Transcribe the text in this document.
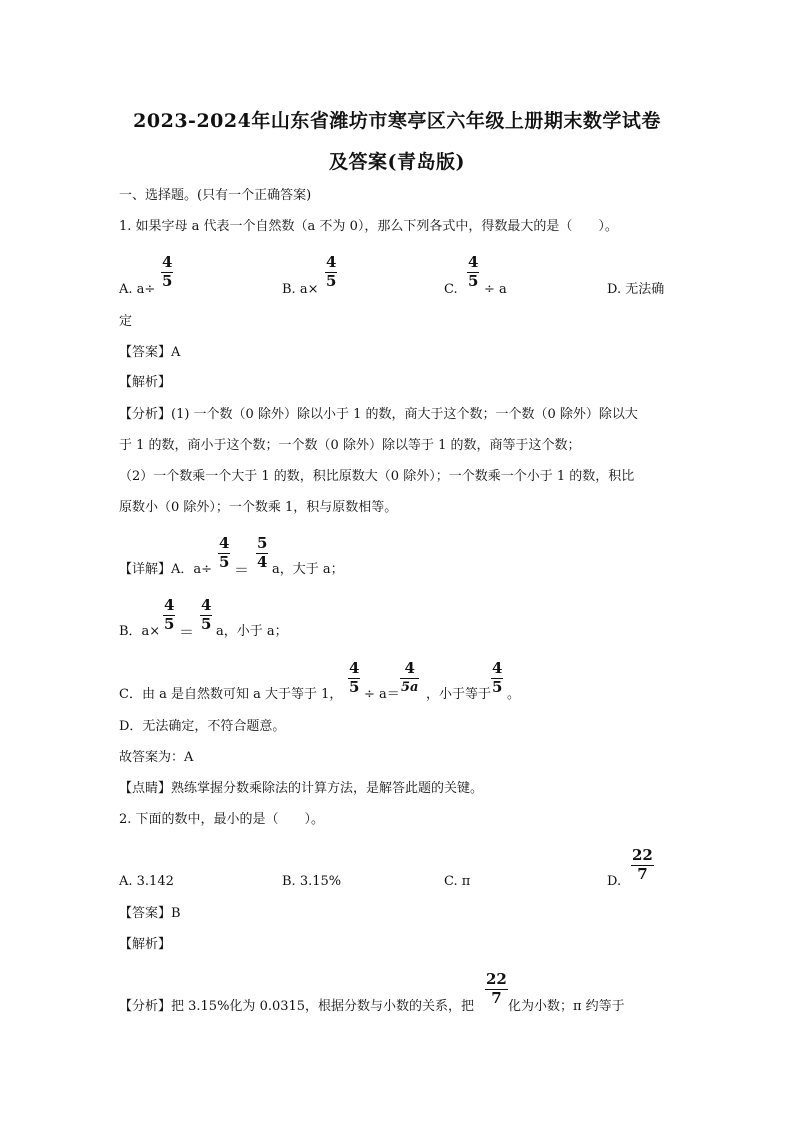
2023-2024年山东省潍坊市寒亭区六年级上册期末数学试卷
及答案(青岛版)
一、选择题。(只有一个正确答案)
1. 如果字母 a 代表一个自然数（a 不为 0），那么下列各式中，得数最大的是（　　）。
A. a÷
4
5	B. a×
4
5	C.
4
5 ÷ a	D. 无法确
定
【答案】A
【解析】
【分析】(1) 一个数（0 除外）除以小于 1 的数，商大于这个数；一个数（0 除外）除以大
于 1 的数，商小于这个数；一个数（0 除外）除以等于 1 的数，商等于这个数；
（2）一个数乘一个大于 1 的数，积比原数大（0 除外）；一个数乘一个小于 1 的数，积比
原数小（0 除外）；一个数乘 1，积与原数相等。
【详解】A．a÷
4
5 ＝
5
4 a，大于 a；
B．a×
4
5 ＝
4
5 a，小于 a；
C．由 a 是自然数可知 a 大于等于 1，
4
5 ÷ a＝
4
5a ，小于等于
4
5 。
D．无法确定，不符合题意。
故答案为：A
【点睛】熟练掌握分数乘除法的计算方法，是解答此题的关键。
2. 下面的数中，最小的是（　　）。
A. 3.142	B. 3.15%	C. π	D.
22
7
【答案】B
【解析】
【分析】把 3.15%化为 0.0315，根据分数与小数的关系，把
22
7 化为小数；π 约等于
